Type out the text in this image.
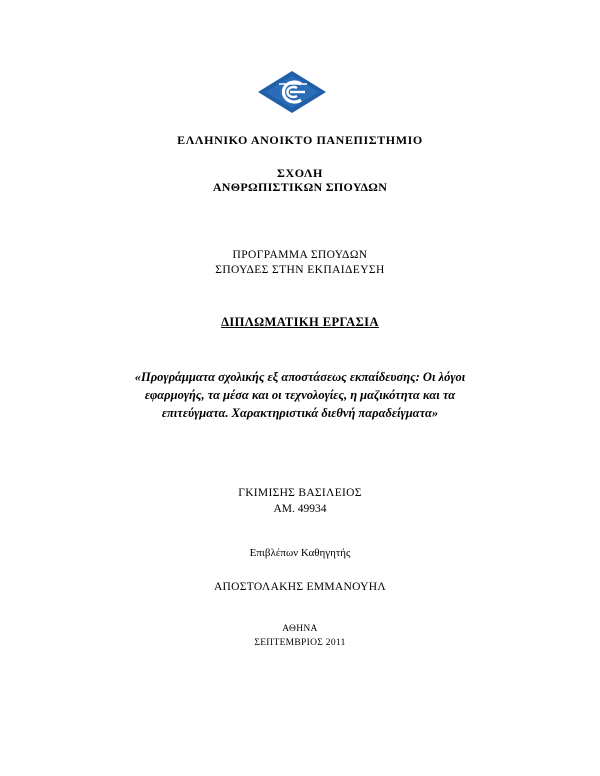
ΕΛΛΗΝΙΚΟ ΑΝΟΙΚΤΟ ΠΑΝΕΠΙΣΤΗΜΙΟ
ΣΧΟΛΗ
ΑΝΘΡΩΠΙΣΤΙΚΩΝ ΣΠΟΥΔΩΝ
ΠΡΟΓΡΑΜΜΑ ΣΠΟΥΔΩΝ
ΣΠΟΥΔΕΣ ΣΤΗΝ ΕΚΠΑΙΔΕΥΣΗ
ΔΙΠΛΩΜΑΤΙΚΗ ΕΡΓΑΣΙΑ
«Προγράμματα σχολικής εξ αποστάσεως εκπαίδευσης: Οι λόγοι
εφαρμογής, τα μέσα και οι τεχνολογίες, η μαζικότητα και τα
επιτεύγματα. Χαρακτηριστικά διεθνή παραδείγματα»
ΓΚΙΜΙΣΗΣ ΒΑΣΙΛΕΙΟΣ
ΑΜ. 49934
Επιβλέπων Καθηγητής
ΑΠΟΣΤΟΛΑΚΗΣ ΕΜΜΑΝΟΥΗΛ
ΑΘΗΝΑ
ΣΕΠΤΕΜΒΡΙΟΣ 2011
